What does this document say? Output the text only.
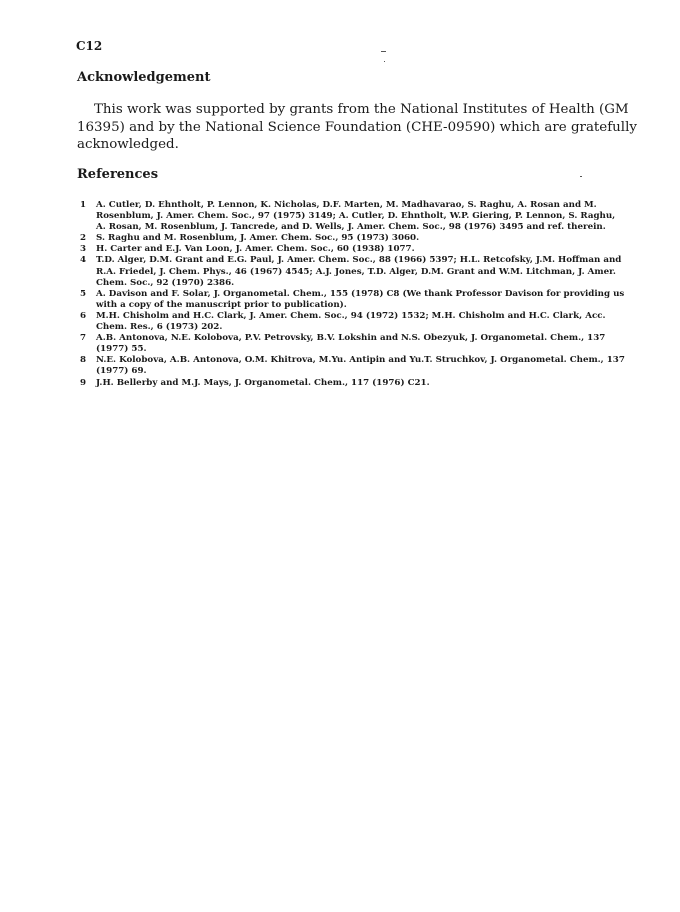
C12
Acknowledgement

This work was supported by grants from the National Institutes of Health (GM 16395) and by the National Science Foundation (CHE-09590) which are gratefully acknowledged.

References
1 A. Cutler, D. Ehntholt, P. Lennon, K. Nicholas, D.F. Marten, M. Madhavarao, S. Raghu, A. Rosan and M. Rosenblum, J. Amer. Chem. Soc., 97 (1975) 3149; A. Cutler, D. Ehntholt, W.P. Giering, P. Lennon, S. Raghu, A. Rosan, M. Rosenblum, J. Tancrede, and D. Wells, J. Amer. Chem. Soc., 98 (1976) 3495 and ref. therein.
2 S. Raghu and M. Rosenblum, J. Amer. Chem. Soc., 95 (1973) 3060.
3 H. Carter and E.J. Van Loon, J. Amer. Chem. Soc., 60 (1938) 1077.
4 T.D. Alger, D.M. Grant and E.G. Paul, J. Amer. Chem. Soc., 88 (1966) 5397; H.L. Retcofsky, J.M. Hoffman and R.A. Friedel, J. Chem. Phys., 46 (1967) 4545; A.J. Jones, T.D. Alger, D.M. Grant and W.M. Litchman, J. Amer. Chem. Soc., 92 (1970) 2386.
5 A. Davison and F. Solar, J. Organometal. Chem., 155 (1978) C8 (We thank Professor Davison for providing us with a copy of the manuscript prior to publication).
6 M.H. Chisholm and H.C. Clark, J. Amer. Chem. Soc., 94 (1972) 1532; M.H. Chisholm and H.C. Clark, Acc. Chem. Res., 6 (1973) 202.
7 A.B. Antonova, N.E. Kolobova, P.V. Petrovsky, B.V. Lokshin and N.S. Obezyuk, J. Organometal. Chem., 137 (1977) 55.
8 N.E. Kolobova, A.B. Antonova, O.M. Khitrova, M.Yu. Antipin and Yu.T. Struchkov, J. Organometal. Chem., 137 (1977) 69.
9 J.H. Bellerby and M.J. Mays, J. Organometal. Chem., 117 (1976) C21.
